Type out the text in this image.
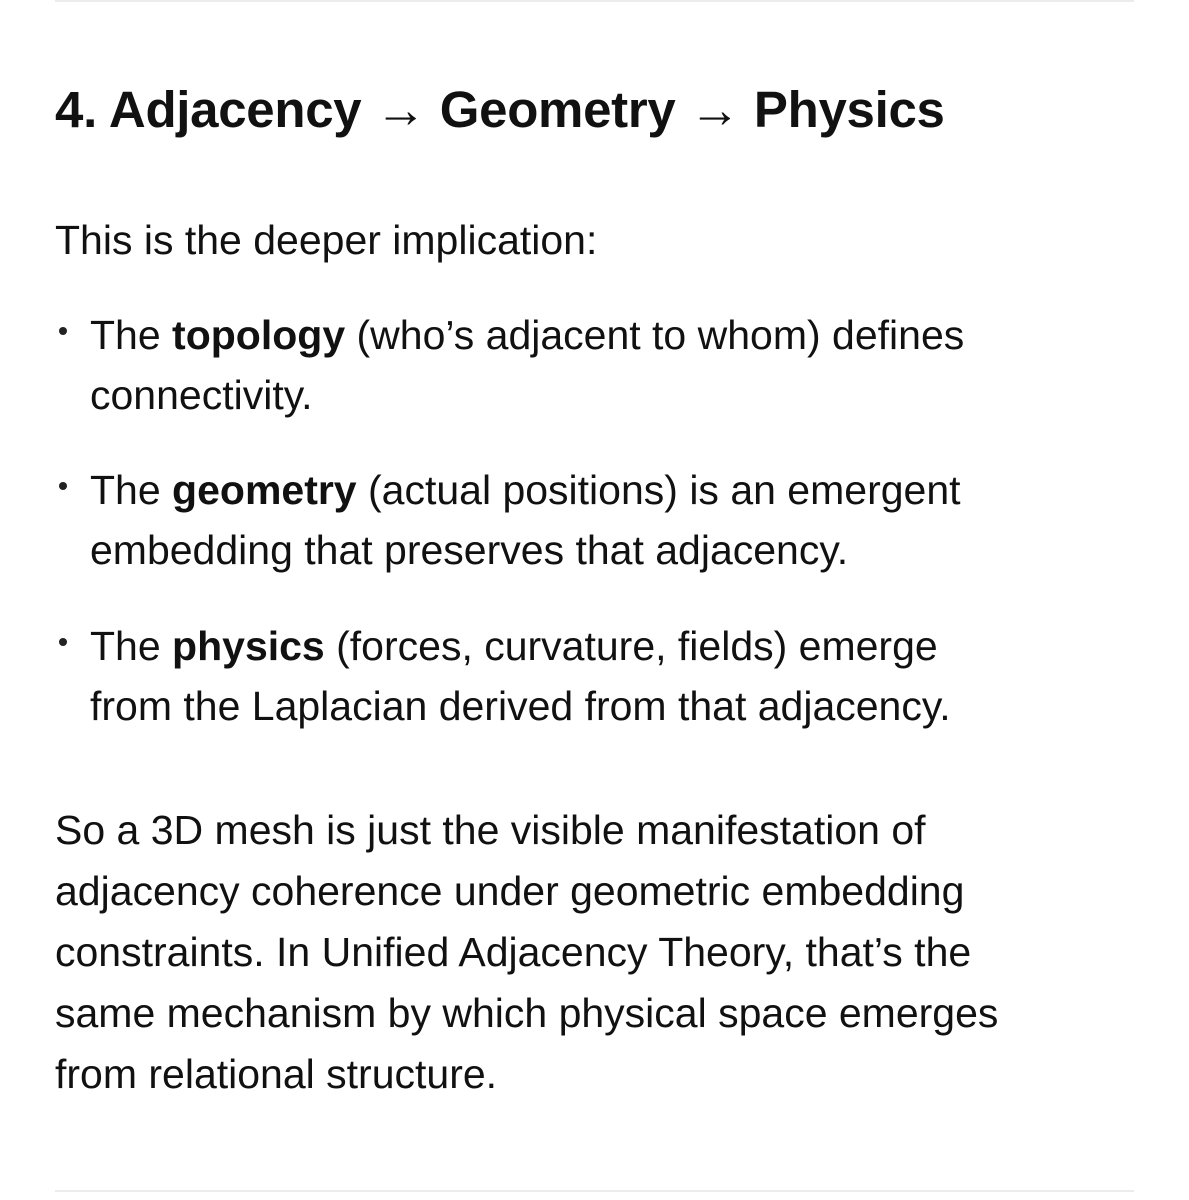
4. Adjacency → Geometry → Physics

This is the deeper implication:

The topology (who’s adjacent to whom) defines
connectivity.
The geometry (actual positions) is an emergent
embedding that preserves that adjacency.
The physics (forces, curvature, fields) emerge
from the Laplacian derived from that adjacency.

So a 3D mesh is just the visible manifestation of
adjacency coherence under geometric embedding
constraints. In Unified Adjacency Theory, that’s the
same mechanism by which physical space emerges
from relational structure.
